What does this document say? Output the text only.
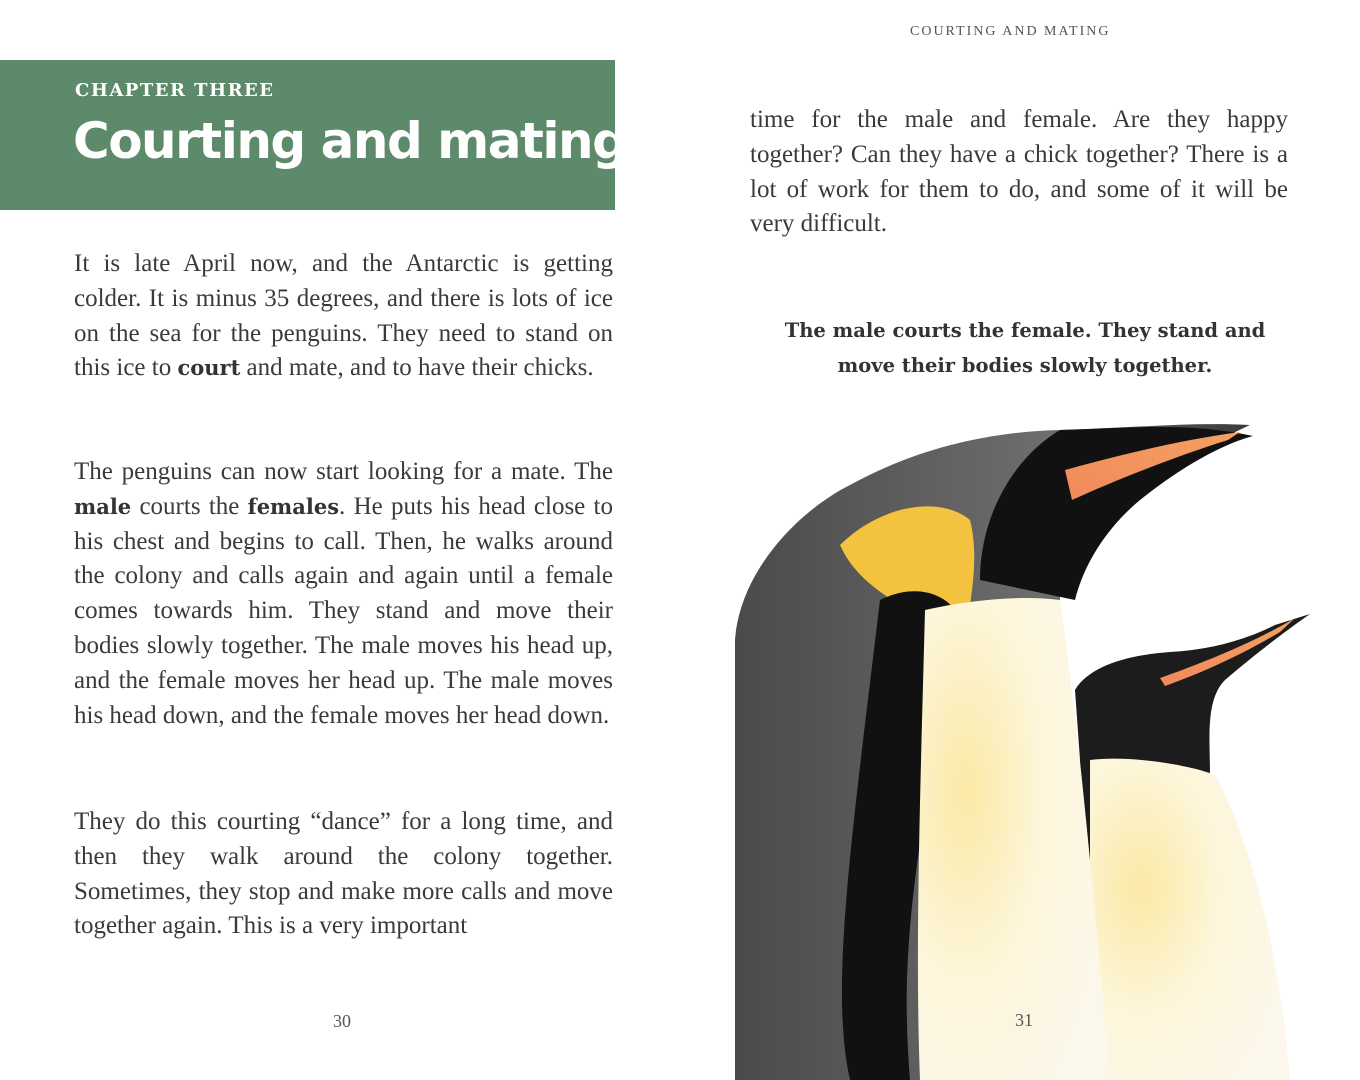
CHAPTER THREE
Courting and mating

It is late April now, and the Antarctic is getting colder. It is minus 35 degrees, and there is lots of ice on the sea for the penguins. They need to stand on this ice to court and mate, and to have their chicks.

The penguins can now start looking for a mate. The male courts the females. He puts his head close to his chest and begins to call. Then, he walks around the colony and calls again and again until a female comes towards him. They stand and move their bodies slowly together. The male moves his head up, and the female moves her head up. The male moves his head down, and the female moves her head down.

They do this courting “dance” for a long time, and then they walk around the colony together. Sometimes, they stop and make more calls and move together again. This is a very important

30
COURTING AND MATING

time for the male and female. Are they happy together? Can they have a chick together? There is a lot of work for them to do, and some of it will be very difficult.

The male courts the female. They stand and
move their bodies slowly together.

31
